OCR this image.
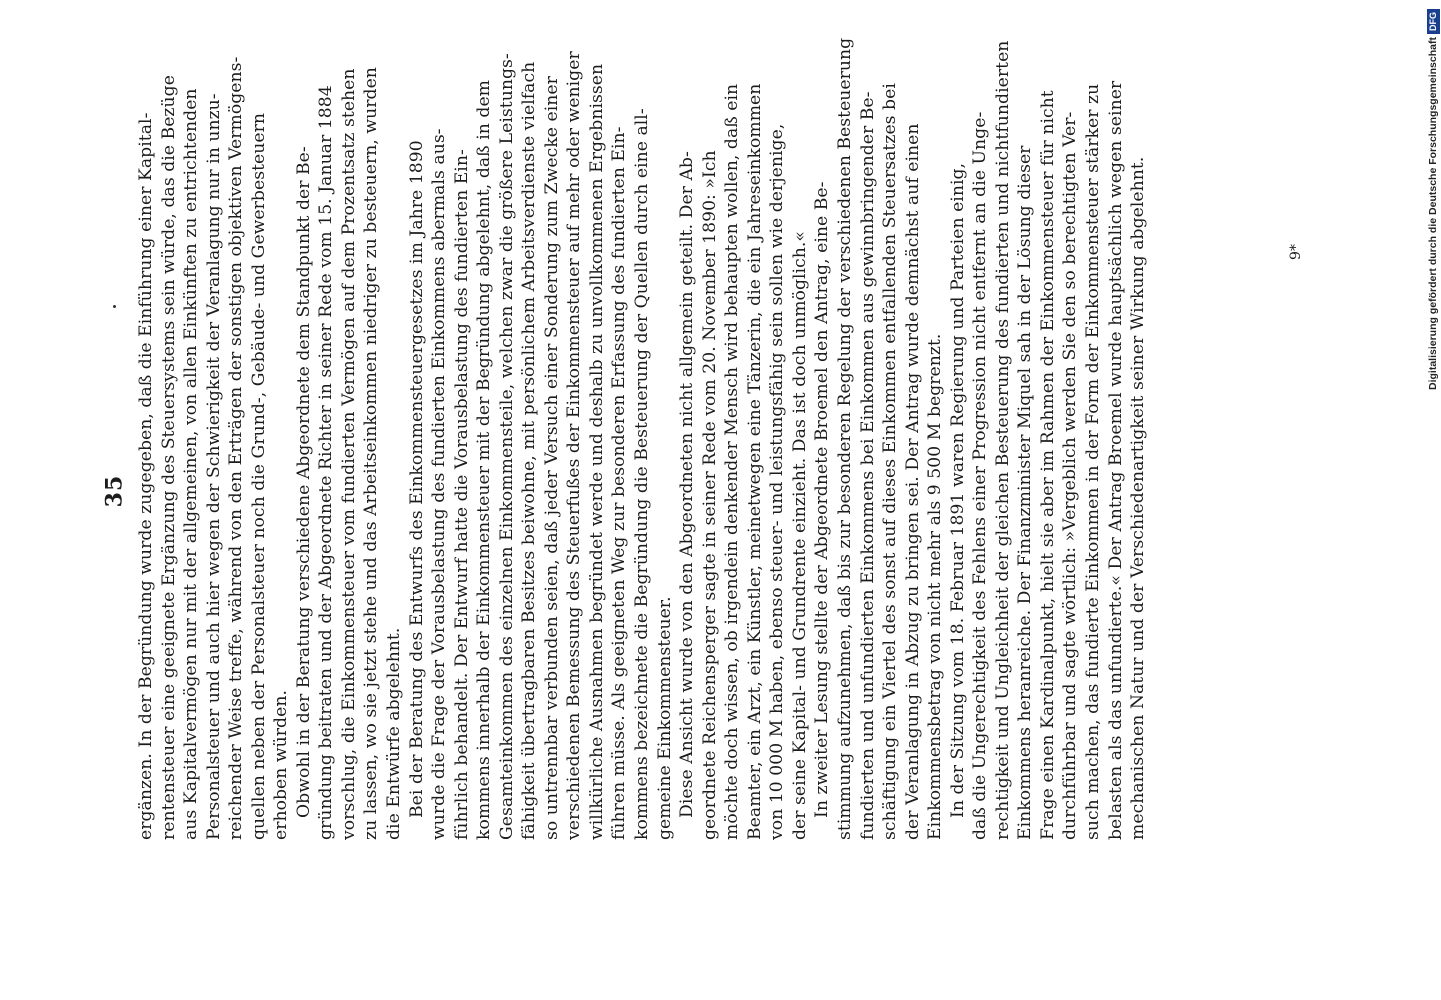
35 ergänzen. In der Begründung wurde zugegeben, daß die Einführung einer Kapital- rentensteuer eine geeignete Ergänzung des Steuersystems sein würde, das die Bezüge aus Kapitalvermögen nur mit der allgemeinen, von allen Einkünften zu entrichtenden Personalsteuer und auch hier wegen der Schwierigkeit der Veranlagung nur in unzu- reichender Weise treffe, während von den Erträgen der sonstigen objektiven Vermögens- quellen neben der Personalsteuer noch die Grund-, Gebäude- und Gewerbesteuern erhoben würden. Obwohl in der Beratung verschiedene Abgeordnete dem Standpunkt der Be- gründung beitraten und der Abgeordnete Richter in seiner Rede vom 15. Januar 1884 vorschlug, die Einkommensteuer vom fundierten Vermögen auf dem Prozentsatz stehen zu lassen, wo sie jetzt stehe und das Arbeitseinkommen niedriger zu besteuern, wurden die Entwürfe abgelehnt. Bei der Beratung des Entwurfs des Einkommensteuergesetzes im Jahre 1890 wurde die Frage der Vorausbelastung des fundierten Einkommens abermals aus- führlich behandelt. Der Entwurf hatte die Vorausbelastung des fundierten Ein- kommens innerhalb der Einkommensteuer mit der Begründung abgelehnt, daß in dem Gesamteinkommen des einzelnen Einkommensteile, welchen zwar die größere Leistungs- fähigkeit übertragbaren Besitzes beiwohne, mit persönlichem Arbeitsverdienste vielfach so untrennbar verbunden seien, daß jeder Versuch einer Sonderung zum Zwecke einer verschiedenen Bemessung des Steuerfußes der Einkommensteuer auf mehr oder weniger willkürliche Ausnahmen begründet werde und deshalb zu unvollkommenen Ergebnissen führen müsse. Als geeigneten Weg zur besonderen Erfassung des fundierten Ein- kommens bezeichnete die Begründung die Besteuerung der Quellen durch eine all- gemeine Einkommensteuer. Diese Ansicht wurde von den Abgeordneten nicht allgemein geteilt. Der Ab- geordnete Reichensperger sagte in seiner Rede vom 20. November 1890: »Ich möchte doch wissen, ob irgendein denkender Mensch wird behaupten wollen, daß ein Beamter, ein Arzt, ein Künstler, meinetwegen eine Tänzerin, die ein Jahreseinkommen von 10 000 M haben, ebenso steuer- und leistungsfähig sein sollen wie derjenige, der seine Kapital- und Grundrente einzieht. Das ist doch unmöglich.« In zweiter Lesung stellte der Abgeordnete Broemel den Antrag, eine Be- stimmung aufzunehmen, daß bis zur besonderen Regelung der verschiedenen Besteuerung fundierten und unfundierten Einkommens bei Einkommen aus gewinnbringender Be- schäftigung ein Viertel des sonst auf dieses Einkommen entfallenden Steuersatzes bei der Veranlagung in Abzug zu bringen sei. Der Antrag wurde demnächst auf einen Einkommensbetrag von nicht mehr als 9 500 M begrenzt. In der Sitzung vom 18. Februar 1891 waren Regierung und Parteien einig, daß die Ungerechtigkeit des Fehlens einer Progression nicht entfernt an die Unge- rechtigkeit und Ungleichheit der gleichen Besteuerung des fundierten und nichtfundierten Einkommens heranreiche. Der Finanzminister Miquel sah in der Lösung dieser Frage einen Kardinalpunkt, hielt sie aber im Rahmen der Einkommensteuer für nicht durchführbar und sagte wörtlich: »Vergeblich werden Sie den so berechtigten Ver- such machen, das fundierte Einkommen in der Form der Einkommensteuer stärker zu belasten als das unfundierte.« Der Antrag Broemel wurde hauptsächlich wegen seiner mechanischen Natur und der Verschiedenartigkeit seiner Wirkung abgelehnt.	9*	Digitalisierung gefördert durch die Deutsche Forschungsgemeinschaft
DFG
